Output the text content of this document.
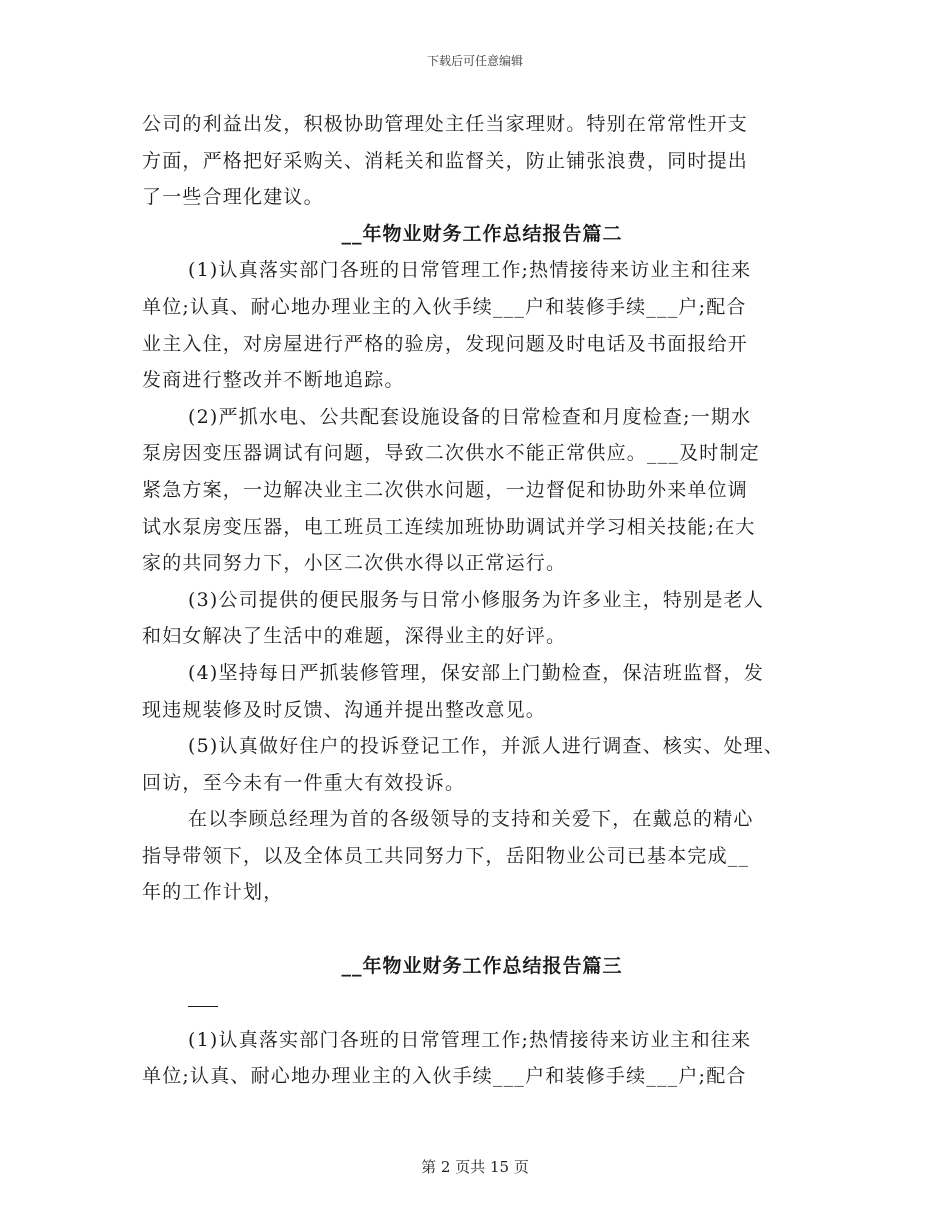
下载后可任意编辑
公司的利益出发，积极协助管理处主任当家理财。特别在常常性开支
方面，严格把好采购关、消耗关和监督关，防止铺张浪费，同时提出
了一些合理化建议。
__年物业财务工作总结报告篇二
(1)认真落实部门各班的日常管理工作;热情接待来访业主和往来
单位;认真、耐心地办理业主的入伙手续___户和装修手续___户;配合
业主入住，对房屋进行严格的验房，发现问题及时电话及书面报给开
发商进行整改并不断地追踪。
(2)严抓水电、公共配套设施设备的日常检查和月度检查;一期水
泵房因变压器调试有问题，导致二次供水不能正常供应。___及时制定
紧急方案，一边解决业主二次供水问题，一边督促和协助外来单位调
试水泵房变压器，电工班员工连续加班协助调试并学习相关技能;在大
家的共同努力下，小区二次供水得以正常运行。
(3)公司提供的便民服务与日常小修服务为许多业主，特别是老人
和妇女解决了生活中的难题，深得业主的好评。
(4)坚持每日严抓装修管理，保安部上门勤检查，保洁班监督，发
现违规装修及时反馈、沟通并提出整改意见。
(5)认真做好住户的投诉登记工作，并派人进行调查、核实、处理、
回访，至今未有一件重大有效投诉。
在以李顾总经理为首的各级领导的支持和关爱下，在戴总的精心
指导带领下，以及全体员工共同努力下，岳阳物业公司已基本完成__
年的工作计划，
__年物业财务工作总结报告篇三
(1)认真落实部门各班的日常管理工作;热情接待来访业主和往来
单位;认真、耐心地办理业主的入伙手续___户和装修手续___户;配合
第 2 页共 15 页
